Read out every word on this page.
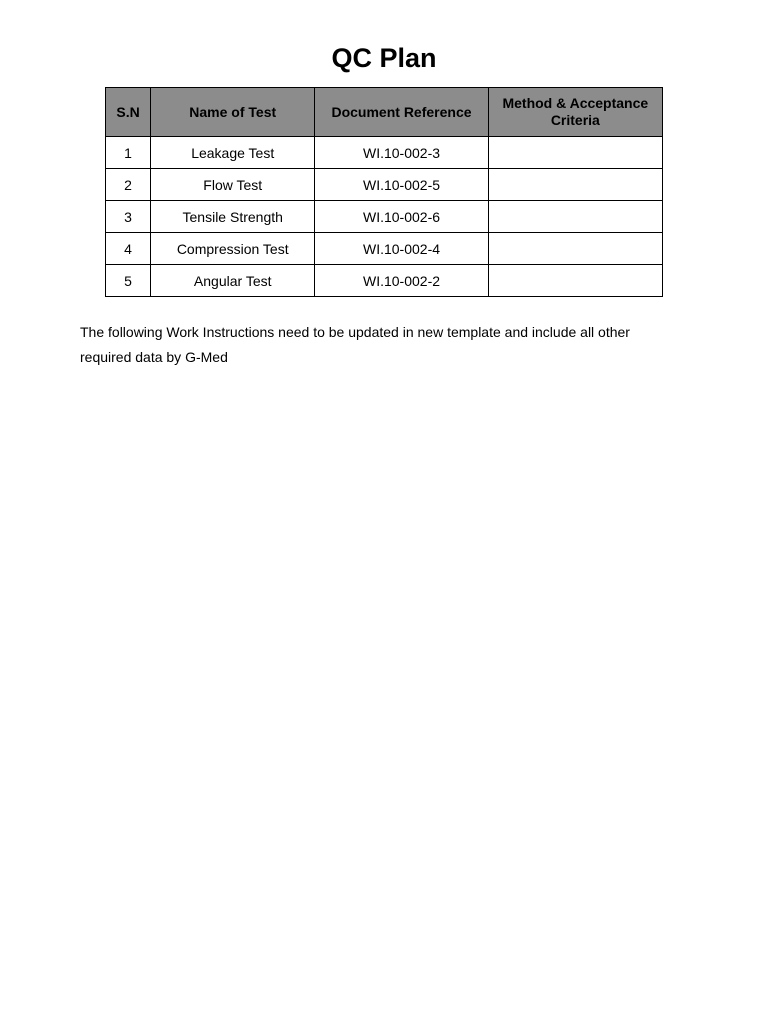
QC Plan
S.N	Name of Test	Document Reference	Method & Acceptance Criteria
1	Leakage Test	WI.10-002-3	
2	Flow Test	WI.10-002-5	
3	Tensile Strength	WI.10-002-6	
4	Compression Test	WI.10-002-4	
5	Angular Test	WI.10-002-2	

The following Work Instructions need to be updated in new template and include all other required data by G-Med
